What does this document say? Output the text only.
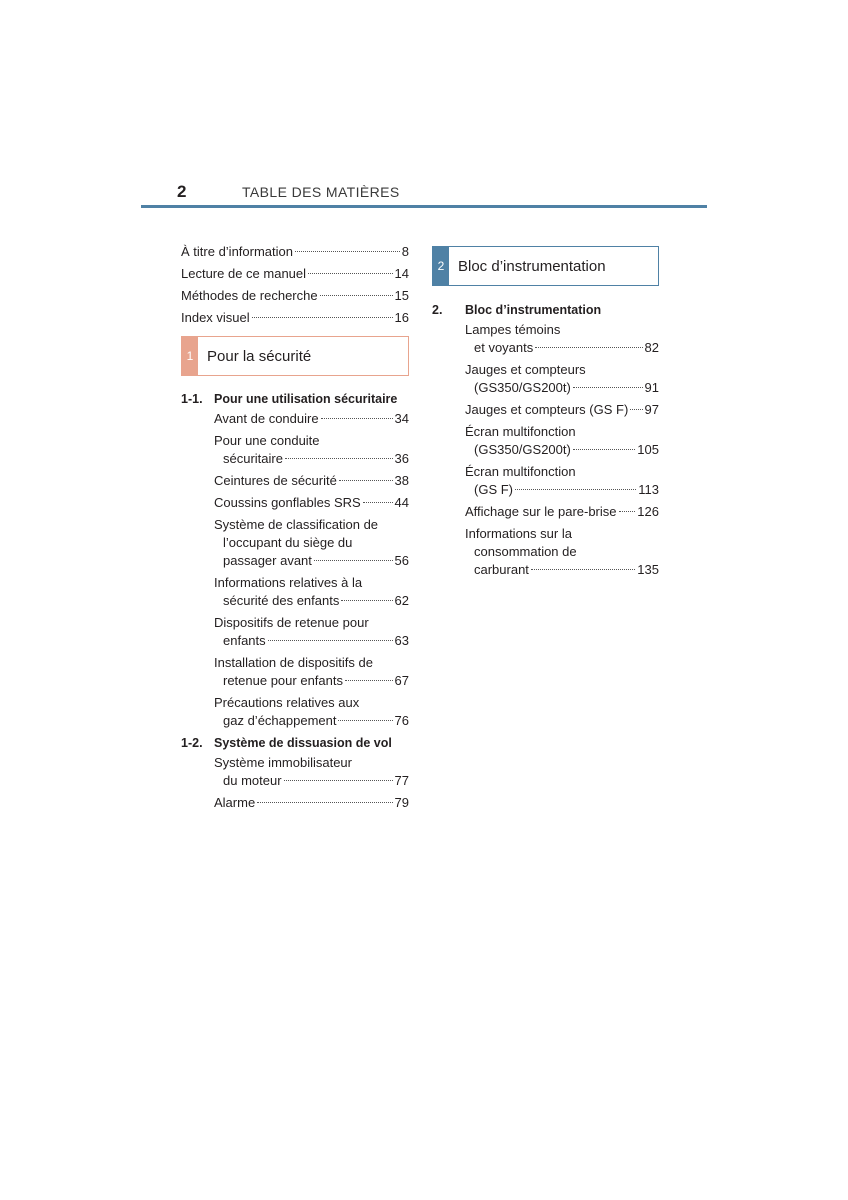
2	TABLE DES MATIÈRES
À titre d’information	8
Lecture de ce manuel	14
Méthodes de recherche	15
Index visuel	16
1 Pour la sécurité
1-1. Pour une utilisation sécuritaire
Avant de conduire	34
Pour une conduite
sécuritaire	36
Ceintures de sécurité	38
Coussins gonflables SRS	44
Système de classification de
l’occupant du siège du
passager avant	56
Informations relatives à la
sécurité des enfants	62
Dispositifs de retenue pour
enfants	63
Installation de dispositifs de
retenue pour enfants	67
Précautions relatives aux
gaz d’échappement	76
1-2. Système de dissuasion de vol
Système immobilisateur
du moteur	77
Alarme	79
2 Bloc d’instrumentation
2.	Bloc d’instrumentation
Lampes témoins
et voyants	82
Jauges et compteurs
(GS350/GS200t)	91
Jauges et compteurs (GS F) 97
Écran multifonction
(GS350/GS200t)	105
Écran multifonction
(GS F)	113
Affichage sur le pare-brise 126
Informations sur la
consommation de
carburant	135
